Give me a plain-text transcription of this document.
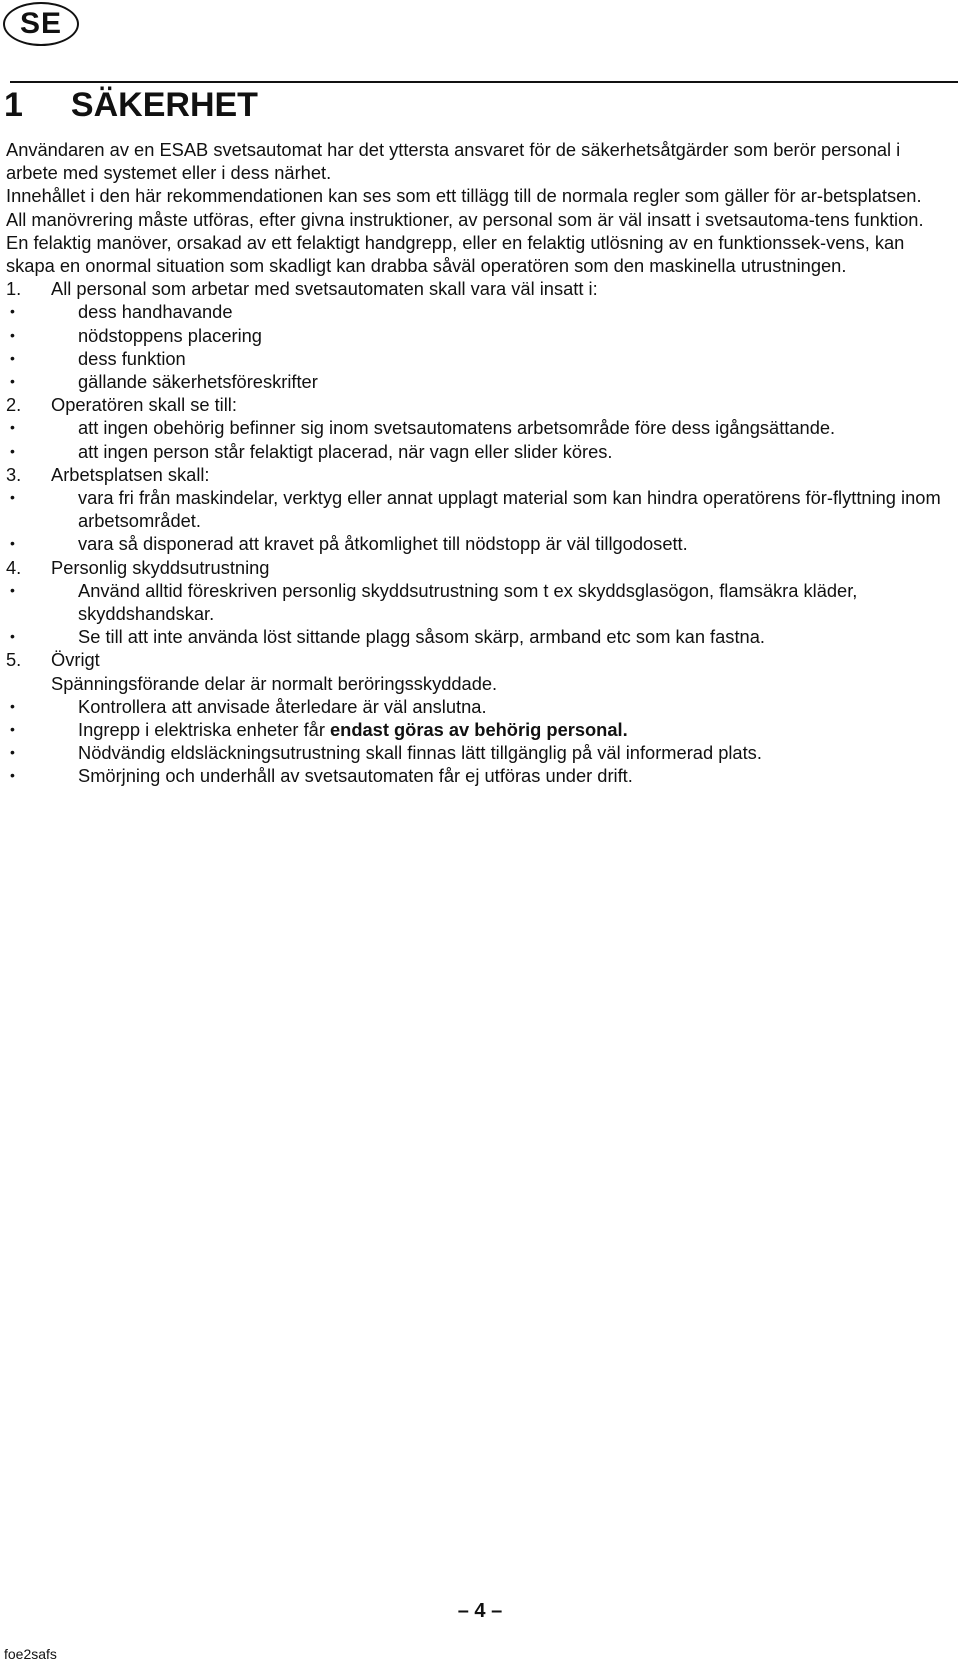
SE
1 SÄKERHET

Användaren av en ESAB svetsautomat har det yttersta ansvaret för de säkerhetsåtgärder som berör personal i arbete med systemet eller i dess närhet.

Innehållet i den här rekommendationen kan ses som ett tillägg till de normala regler som gäller för ar-betsplatsen.

All manövrering måste utföras, efter givna instruktioner, av personal som är väl insatt i svetsautoma-tens funktion.

En felaktig manöver, orsakad av ett felaktigt handgrepp, eller en felaktig utlösning av en funktionssek-vens, kan skapa en onormal situation som skadligt kan drabba såväl operatören som den maskinella utrustningen.

1.	All personal som arbetar med svetsautomaten skall vara väl insatt i:
•	dess handhavande
•	nödstoppens placering
•	dess funktion
•	gällande säkerhetsföreskrifter
2.	Operatören skall se till:
•	att ingen obehörig befinner sig inom svetsautomatens arbetsområde före dess igångsättande.
•	att ingen person står felaktigt placerad, när vagn eller slider köres.
3.	Arbetsplatsen skall:
•	vara fri från maskindelar, verktyg eller annat upplagt material som kan hindra operatörens för-flyttning inom arbetsområdet.
•	vara så disponerad att kravet på åtkomlighet till nödstopp är väl tillgodosett.
4.	Personlig skyddsutrustning
•	Använd alltid föreskriven personlig skyddsutrustning som t ex skyddsglasögon, flamsäkra kläder, skyddshandskar.
•	Se till att inte använda löst sittande plagg såsom skärp, armband etc som kan fastna.
5.	Övrigt
Spänningsförande delar är normalt beröringsskyddade.
•	Kontrollera att anvisade återledare är väl anslutna.
•	Ingrepp i elektriska enheter får endast göras av behörig personal.
•	Nödvändig eldsläckningsutrustning skall finnas lätt tillgänglig på väl informerad plats.
•	Smörjning och underhåll av svetsautomaten får ej utföras under drift.
– 4 –
foe2safs
